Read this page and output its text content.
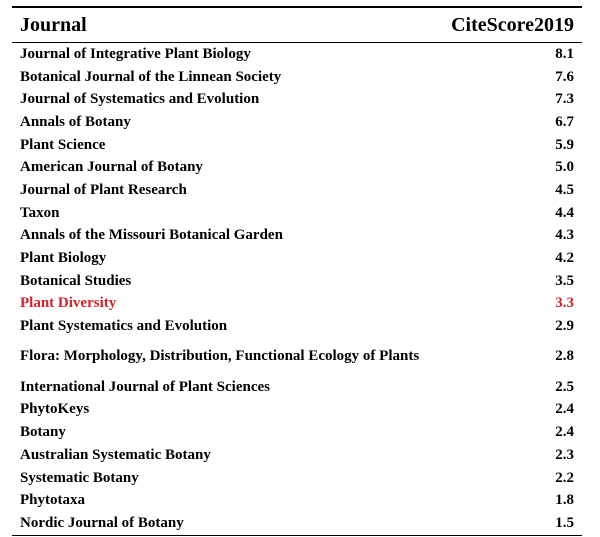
Journal	CiteScore2019
Journal of Integrative Plant Biology	8.1
Botanical Journal of the Linnean Society	7.6
Journal of Systematics and Evolution	7.3
Annals of Botany	6.7
Plant Science	5.9
American Journal of Botany	5.0
Journal of Plant Research	4.5
Taxon	4.4
Annals of the Missouri Botanical Garden	4.3
Plant Biology	4.2
Botanical Studies	3.5
Plant Diversity	3.3
Plant Systematics and Evolution	2.9
Flora: Morphology, Distribution, Functional Ecology of Plants	2.8
International Journal of Plant Sciences	2.5
PhytoKeys	2.4
Botany	2.4
Australian Systematic Botany	2.3
Systematic Botany	2.2
Phytotaxa	1.8
Nordic Journal of Botany	1.5
